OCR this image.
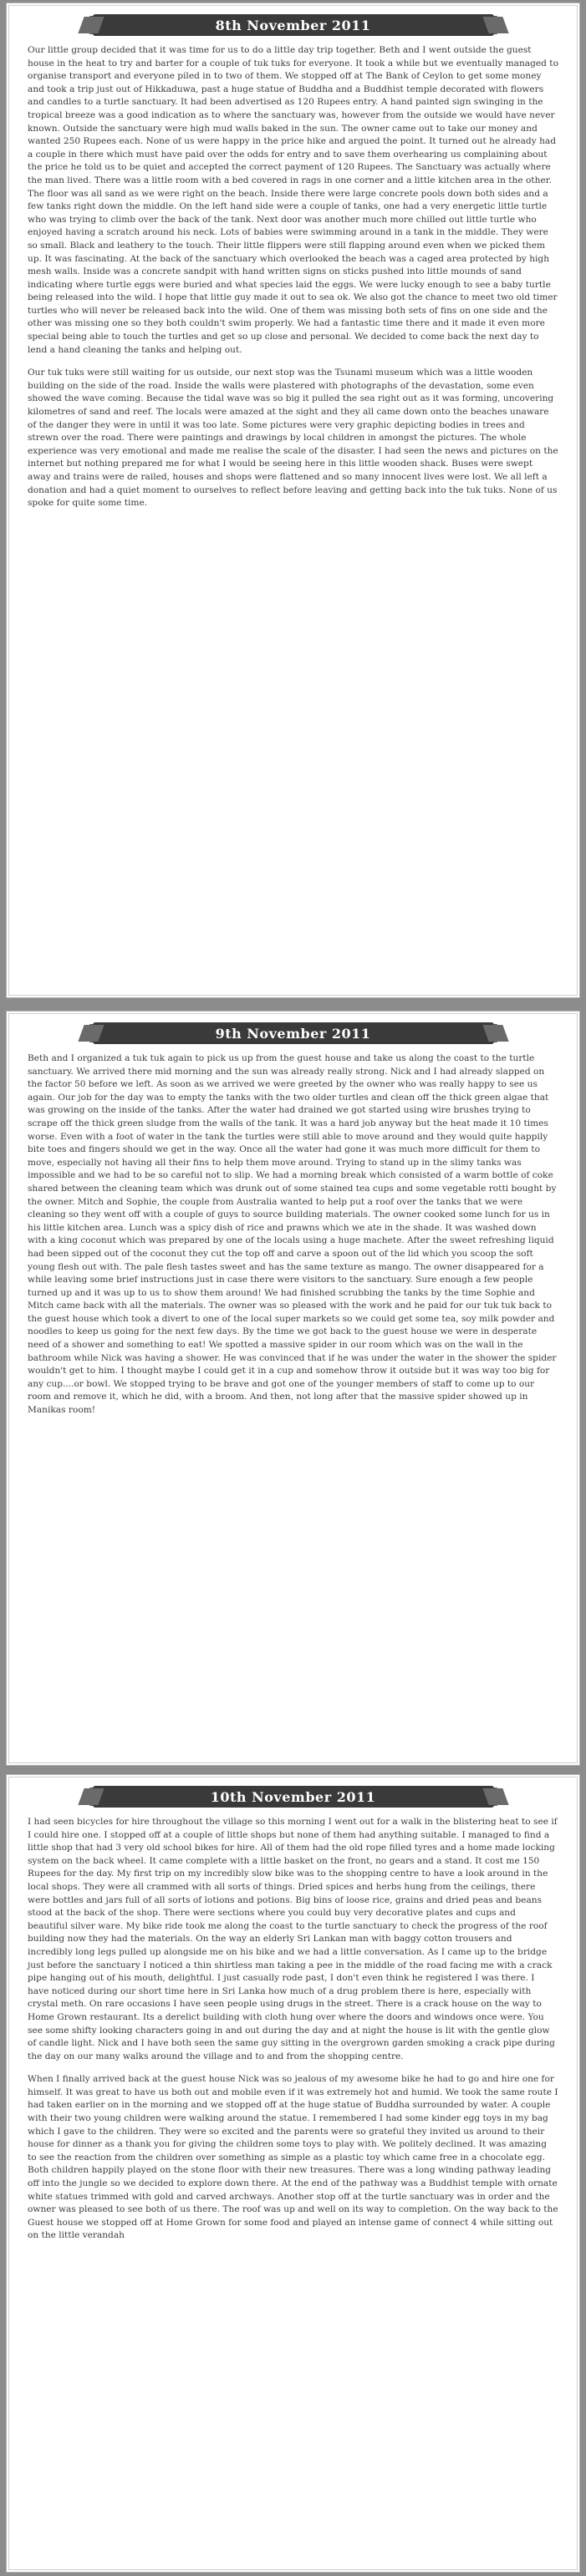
8th November 2011

Our little group decided that it was time for us to do a little day trip together. Beth and I went outside the guest house in the heat to try and barter for a couple of tuk tuks for everyone. It took a while but we eventually managed to organise transport and everyone piled in to two of them. We stopped off at The Bank of Ceylon to get some money and took a trip just out of Hikkaduwa, past a huge statue of Buddha and a Buddhist temple decorated with flowers and candles to a turtle sanctuary. It had been advertised as 120 Rupees entry. A hand painted sign swinging in the tropical breeze was a good indication as to where the sanctuary was, however from the outside we would have never known. Outside the sanctuary were high mud walls baked in the sun. The owner came out to take our money and wanted 250 Rupees each. None of us were happy in the price hike and argued the point. It turned out he already had a couple in there which must have paid over the odds for entry and to save them overhearing us complaining about the price he told us to be quiet and accepted the correct payment of 120 Rupees. The Sanctuary was actually where the man lived. There was a little room with a bed covered in rags in one corner and a little kitchen area in the other. The floor was all sand as we were right on the beach. Inside there were large concrete pools down both sides and a few tanks right down the middle. On the left hand side were a couple of tanks, one had a very energetic little turtle who was trying to climb over the back of the tank. Next door was another much more chilled out little turtle who enjoyed having a scratch around his neck. Lots of babies were swimming around in a tank in the middle. They were so small. Black and leathery to the touch. Their little flippers were still flapping around even when we picked them up. It was fascinating. At the back of the sanctuary which overlooked the beach was a caged area protected by high mesh walls. Inside was a concrete sandpit with hand written signs on sticks pushed into little mounds of sand indicating where turtle eggs were buried and what species laid the eggs. We were lucky enough to see a baby turtle being released into the wild. I hope that little guy made it out to sea ok. We also got the chance to meet two old timer turtles who will never be released back into the wild. One of them was missing both sets of fins on one side and the other was missing one so they both couldn't swim properly. We had a fantastic time there and it made it even more special being able to touch the turtles and get so up close and personal. We decided to come back the next day to lend a hand cleaning the tanks and helping out.

Our tuk tuks were still waiting for us outside, our next stop was the Tsunami museum which was a little wooden building on the side of the road. Inside the walls were plastered with photographs of the devastation, some even showed the wave coming. Because the tidal wave was so big it pulled the sea right out as it was forming, uncovering kilometres of sand and reef. The locals were amazed at the sight and they all came down onto the beaches unaware of the danger they were in until it was too late. Some pictures were very graphic depicting bodies in trees and strewn over the road. There were paintings and drawings by local children in amongst the pictures. The whole experience was very emotional and made me realise the scale of the disaster. I had seen the news and pictures on the internet but nothing prepared me for what I would be seeing here in this little wooden shack. Buses were swept away and trains were de railed, houses and shops were flattened and so many innocent lives were lost. We all left a donation and had a quiet moment to ourselves to reflect before leaving and getting back into the tuk tuks. None of us spoke for quite some time.

9th November 2011

Beth and I organized a tuk tuk again to pick us up from the guest house and take us along the coast to the turtle sanctuary. We arrived there mid morning and the sun was already really strong. Nick and I had already slapped on the factor 50 before we left. As soon as we arrived we were greeted by the owner who was really happy to see us again. Our job for the day was to empty the tanks with the two older turtles and clean off the thick green algae that was growing on the inside of the tanks. After the water had drained we got started using wire brushes trying to scrape off the thick green sludge from the walls of the tank. It was a hard job anyway but the heat made it 10 times worse. Even with a foot of water in the tank the turtles were still able to move around and they would quite happily bite toes and fingers should we get in the way. Once all the water had gone it was much more difficult for them to move, especially not having all their fins to help them move around. Trying to stand up in the slimy tanks was impossible and we had to be so careful not to slip. We had a morning break which consisted of a warm bottle of coke shared between the cleaning team which was drunk out of some stained tea cups and some vegetable rotti bought by the owner. Mitch and Sophie, the couple from Australia wanted to help put a roof over the tanks that we were cleaning so they went off with a couple of guys to source building materials. The owner cooked some lunch for us in his little kitchen area. Lunch was a spicy dish of rice and prawns which we ate in the shade. It was washed down with a king coconut which was prepared by one of the locals using a huge machete. After the sweet refreshing liquid had been sipped out of the coconut they cut the top off and carve a spoon out of the lid which you scoop the soft young flesh out with. The pale flesh tastes sweet and has the same texture as mango. The owner disappeared for a while leaving some brief instructions just in case there were visitors to the sanctuary. Sure enough a few people turned up and it was up to us to show them around! We had finished scrubbing the tanks by the time Sophie and Mitch came back with all the materials. The owner was so pleased with the work and he paid for our tuk tuk back to the guest house which took a divert to one of the local super markets so we could get some tea, soy milk powder and noodles to keep us going for the next few days. By the time we got back to the guest house we were in desperate need of a shower and something to eat! We spotted a massive spider in our room which was on the wall in the bathroom while Nick was having a shower. He was convinced that if he was under the water in the shower the spider wouldn't get to him. I thought maybe I could get it in a cup and somehow throw it outside but it was way too big for any cup....or bowl. We stopped trying to be brave and got one of the younger members of staff to come up to our room and remove it, which he did, with a broom. And then, not long after that the massive spider showed up in Manikas room!

10th November 2011

I had seen bicycles for hire throughout the village so this morning I went out for a walk in the blistering heat to see if I could hire one. I stopped off at a couple of little shops but none of them had anything suitable. I managed to find a little shop that had 3 very old school bikes for hire. All of them had the old rope filled tyres and a home made locking system on the back wheel. It came complete with a little basket on the front, no gears and a stand. It cost me 150 Rupees for the day. My first trip on my incredibly slow bike was to the shopping centre to have a look around in the local shops. They were all crammed with all sorts of things. Dried spices and herbs hung from the ceilings, there were bottles and jars full of all sorts of lotions and potions. Big bins of loose rice, grains and dried peas and beans stood at the back of the shop. There were sections where you could buy very decorative plates and cups and beautiful silver ware. My bike ride took me along the coast to the turtle sanctuary to check the progress of the roof building now they had the materials. On the way an elderly Sri Lankan man with baggy cotton trousers and incredibly long legs pulled up alongside me on his bike and we had a little conversation. As I came up to the bridge just before the sanctuary I noticed a thin shirtless man taking a pee in the middle of the road facing me with a crack pipe hanging out of his mouth, delightful. I just casually rode past, I don't even think he registered I was there. I have noticed during our short time here in Sri Lanka how much of a drug problem there is here, especially with crystal meth. On rare occasions I have seen people using drugs in the street. There is a crack house on the way to Home Grown restaurant. Its a derelict building with cloth hung over where the doors and windows once were. You see some shifty looking characters going in and out during the day and at night the house is lit with the gentle glow of candle light. Nick and I have both seen the same guy sitting in the overgrown garden smoking a crack pipe during the day on our many walks around the village and to and from the shopping centre.

When I finally arrived back at the guest house Nick was so jealous of my awesome bike he had to go and hire one for himself. It was great to have us both out and mobile even if it was extremely hot and humid. We took the same route I had taken earlier on in the morning and we stopped off at the huge statue of Buddha surrounded by water. A couple with their two young children were walking around the statue. I remembered I had some kinder egg toys in my bag which I gave to the children. They were so excited and the parents were so grateful they invited us around to their house for dinner as a thank you for giving the children some toys to play with. We politely declined. It was amazing to see the reaction from the children over something as simple as a plastic toy which came free in a chocolate egg. Both children happily played on the stone floor with their new treasures. There was a long winding pathway leading off into the jungle so we decided to explore down there. At the end of the pathway was a Buddhist temple with ornate white statues trimmed with gold and carved archways. Another stop off at the turtle sanctuary was in order and the owner was pleased to see both of us there. The roof was up and well on its way to completion. On the way back to the Guest house we stopped off at Home Grown for some food and played an intense game of connect 4 while sitting out on the little verandah
